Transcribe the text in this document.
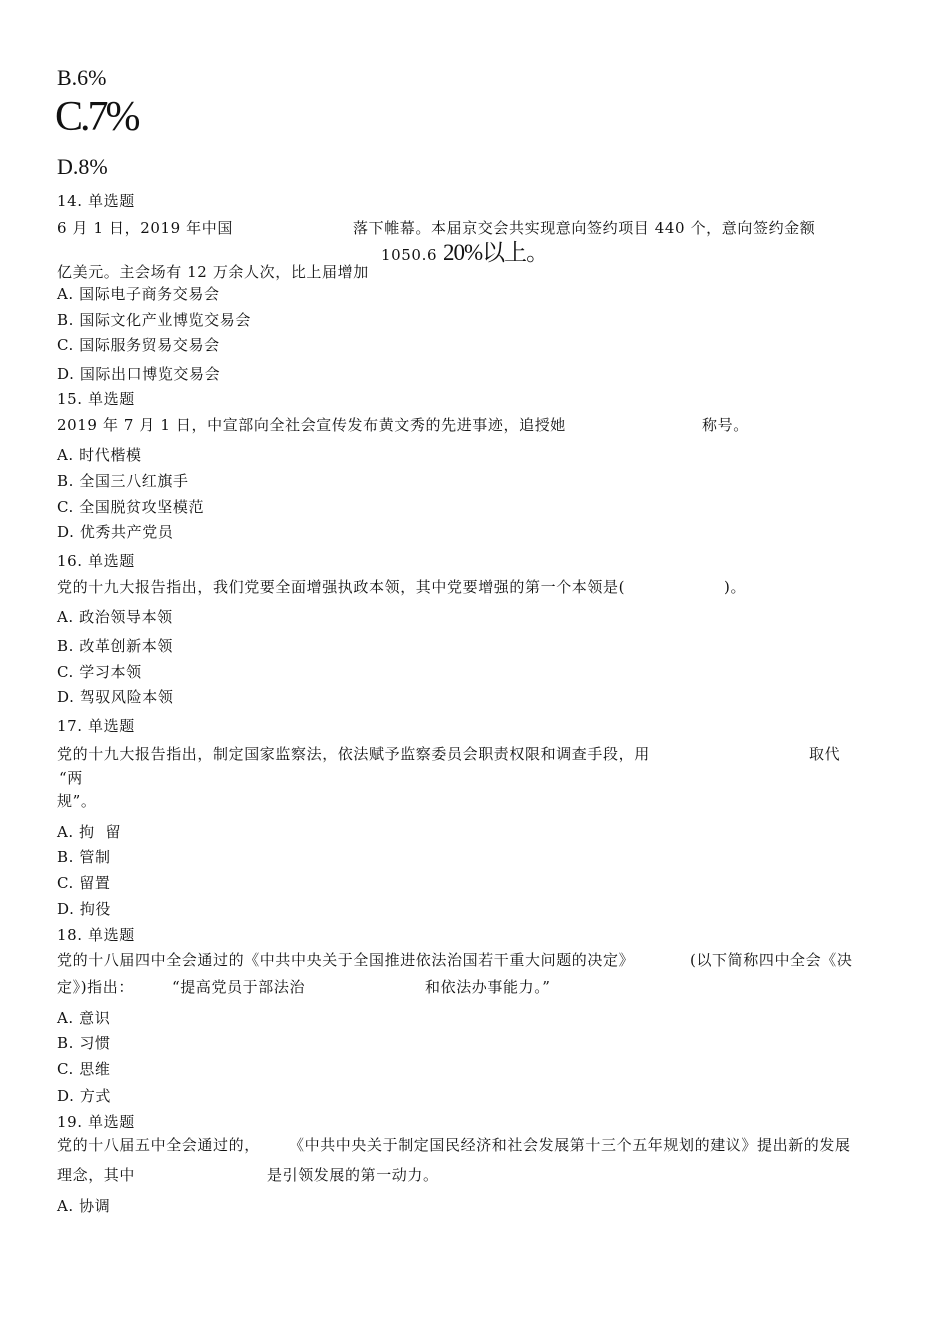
B.6%
C.7%
D.8%
14. 单选题
6 月 1 日，2019 年中国	落下帷幕。本届京交会共实现意向签约项目 440 个，意向签约金额
1050.6 20%以上。
亿美元。主会场有 12 万余人次，比上届增加
A. 国际电子商务交易会
B. 国际文化产业博览交易会
C. 国际服务贸易交易会
D. 国际出口博览交易会
15. 单选题
2019 年 7 月 1 日，中宣部向全社会宣传发布黄文秀的先进事迹，追授她	称号。
A. 时代楷模
B. 全国三八红旗手
C. 全国脱贫攻坚模范
D. 优秀共产党员
16. 单选题
党的十九大报告指出，我们党要全面增强执政本领，其中党要增强的第一个本领是(	)。
A. 政治领导本领
B. 改革创新本领
C. 学习本领
D. 驾驭风险本领
17. 单选题
党的十九大报告指出，制定国家监察法，依法赋予监察委员会职责权限和调查手段，用	取代
“两
规”。
A. 拘  留
B. 管制
C. 留置
D. 拘役
18. 单选题
党的十八届四中全会通过的《中共中央关于全国推进依法治国若干重大问题的决定》	(以下简称四中全会《决
定》)指出：	“提高党员于部法治	和依法办事能力。”
A. 意识
B. 习惯
C. 思维
D. 方式
19. 单选题
党的十八届五中全会通过的， 《中共中央关于制定国民经济和社会发展第十三个五年规划的建议》提出新的发展
理念，其中	是引领发展的第一动力。
A. 协调
